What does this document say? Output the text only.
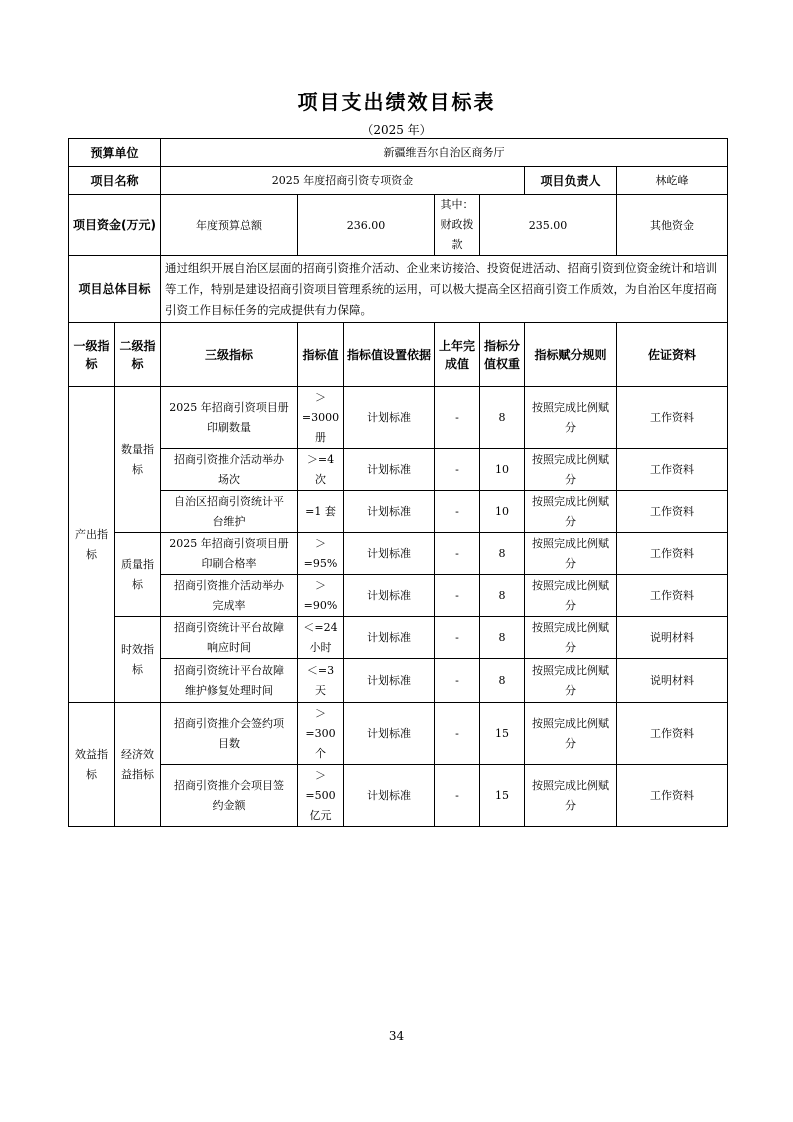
项目支出绩效目标表
（2025 年）
预算单位		新疆维吾尔自治区商务厅							
项目名称		2025 年度招商引资专项资金					项目负责人	林屹峰	
项目资金(万元)		年度预算总额	236.00		其中：财政拨款	235.00		其他资金	
项目总体目标		通过组织开展自治区层面的招商引资推介活动、企业来访接洽、投资促进活动、招商引资到位资金统计和培训等工作，特别是建设招商引资项目管理系统的运用，可以极大提高全区招商引资工作质效，为自治区年度招商引资工作目标任务的完成提供有力保障。							
一级指标	二级指标	三级指标	指标值	指标值设置依据	上年完成值	指标分值权重	指标赋分规则	佐证资料	
产出指标	数量指标	2025 年招商引资项目册印刷数量	＞=3000 册	计划标准	-	8	按照完成比例赋分	工作资料	
		招商引资推介活动举办场次	＞=4 次	计划标准	-	10	按照完成比例赋分	工作资料	
		自治区招商引资统计平台维护	=1 套	计划标准	-	10	按照完成比例赋分	工作资料	
	质量指标	2025 年招商引资项目册印刷合格率	＞=95%	计划标准	-	8	按照完成比例赋分	工作资料	
		招商引资推介活动举办完成率	＞=90%	计划标准	-	8	按照完成比例赋分	工作资料	
	时效指标	招商引资统计平台故障响应时间	＜=24 小时	计划标准	-	8	按照完成比例赋分	说明材料	
		招商引资统计平台故障维护修复处理时间	＜=3 天	计划标准	-	8	按照完成比例赋分	说明材料	
效益指标	经济效益指标	招商引资推介会签约项目数	＞=300 个	计划标准	-	15	按照完成比例赋分	工作资料	
		招商引资推介会项目签约金额	＞=500 亿元	计划标准	-	15	按照完成比例赋分	工作资料	
34
